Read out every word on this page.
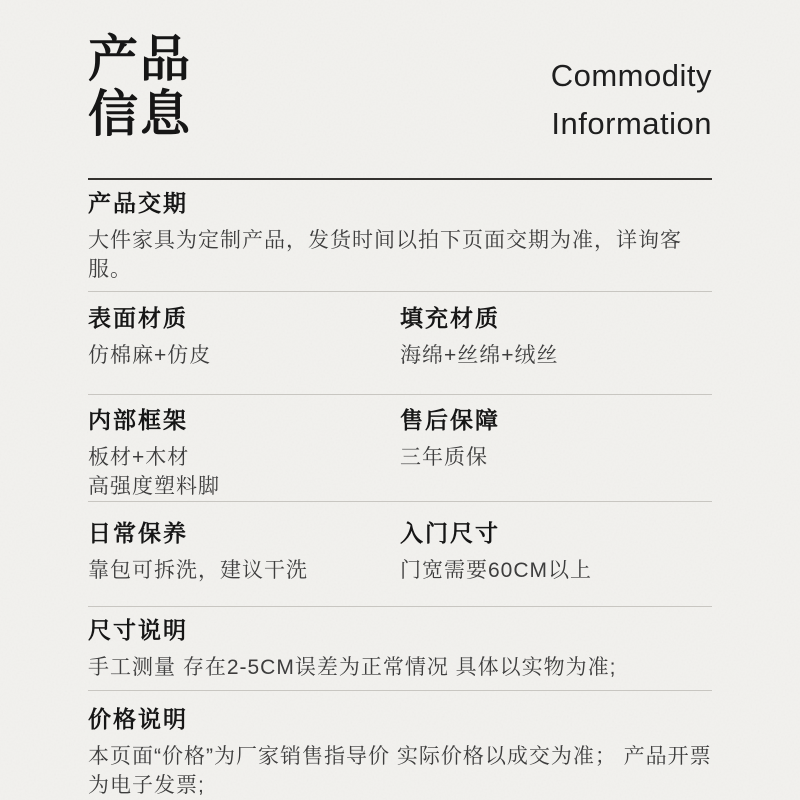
产品
信息
Commodity
Information
产品交期

大件家具为定制产品，发货时间以拍下页面交期为准，详询客服。

表面材质

仿棉麻+仿皮

填充材质

海绵+丝绵+绒丝

内部框架

板材+木材

高强度塑料脚

售后保障

三年质保

日常保养

靠包可拆洗，建议干洗

入门尺寸

门宽需要60CM以上

尺寸说明

手工测量 存在2-5CM误差为正常情况 具体以实物为准;

价格说明

本页面“价格”为厂家销售指导价 实际价格以成交为准； 产品开票

为电子发票;
